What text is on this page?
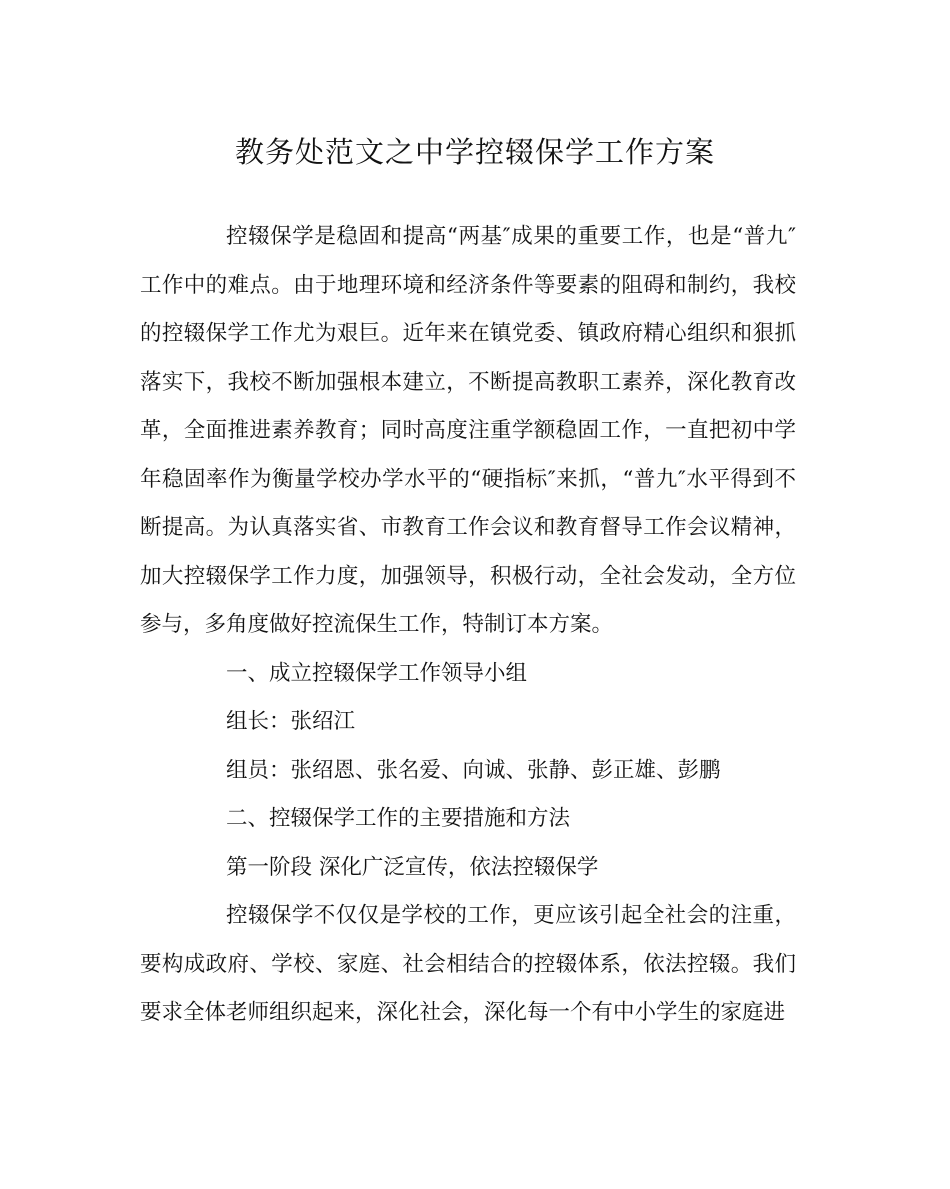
教务处范文之中学控辍保学工作方案

控辍保学是稳固和提高“两基″成果的重要工作，也是“普九″工作中的难点。由于地理环境和经济条件等要素的阻碍和制约，我校的控辍保学工作尤为艰巨。近年来在镇党委、镇政府精心组织和狠抓落实下，我校不断加强根本建立，不断提高教职工素养，深化教育改革，全面推进素养教育；同时高度注重学额稳固工作，一直把初中学年稳固率作为衡量学校办学水平的“硬指标″来抓，“普九″水平得到不断提高。为认真落实省、市教育工作会议和教育督导工作会议精神，加大控辍保学工作力度，加强领导，积极行动，全社会发动，全方位参与，多角度做好控流保生工作，特制订本方案。

一、成立控辍保学工作领导小组

组长：张绍江

组员：张绍恩、张名爱、向诚、张静、彭正雄、彭鹏

二、控辍保学工作的主要措施和方法

第一阶段 深化广泛宣传，依法控辍保学

控辍保学不仅仅是学校的工作，更应该引起全社会的注重，要构成政府、学校、家庭、社会相结合的控辍体系，依法控辍。我们要求全体老师组织起来，深化社会，深化每一个有中小学生的家庭进
